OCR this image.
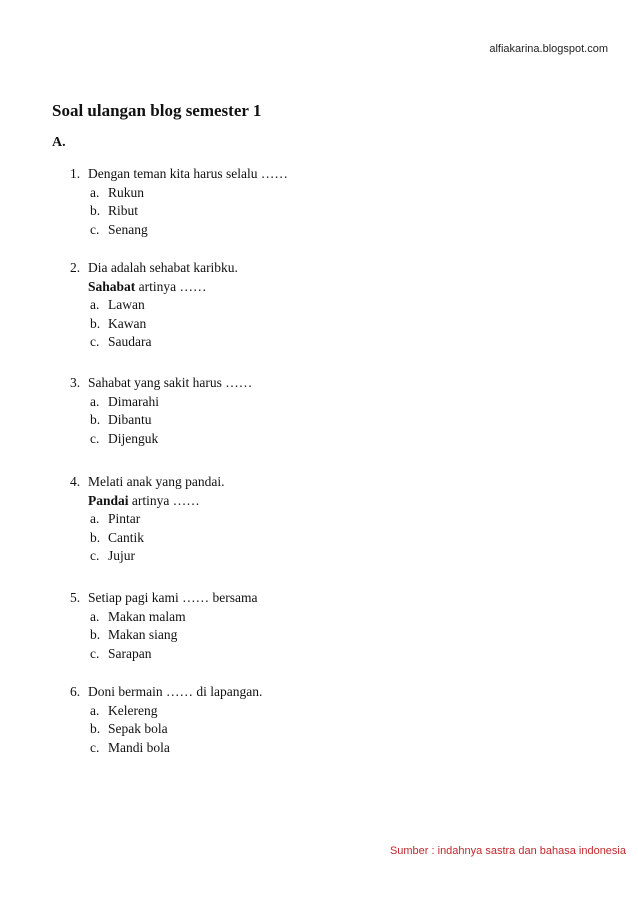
alfiakarina.blogspot.com
Soal ulangan blog semester 1
A.
1. Dengan teman kita harus selalu ……
a. Rukun
b. Ribut
c. Senang
2. Dia adalah sehabat karibku.
Sahabat artinya ……
a. Lawan
b. Kawan
c. Saudara
3. Sahabat yang sakit harus ……
a. Dimarahi
b. Dibantu
c. Dijenguk
4. Melati anak yang pandai.
Pandai artinya ……
a. Pintar
b. Cantik
c. Jujur
5. Setiap pagi kami …… bersama
a. Makan malam
b. Makan siang
c. Sarapan
6. Doni bermain …… di lapangan.
a. Kelereng
b. Sepak bola
c. Mandi bola
Sumber : indahnya sastra dan bahasa indonesia
